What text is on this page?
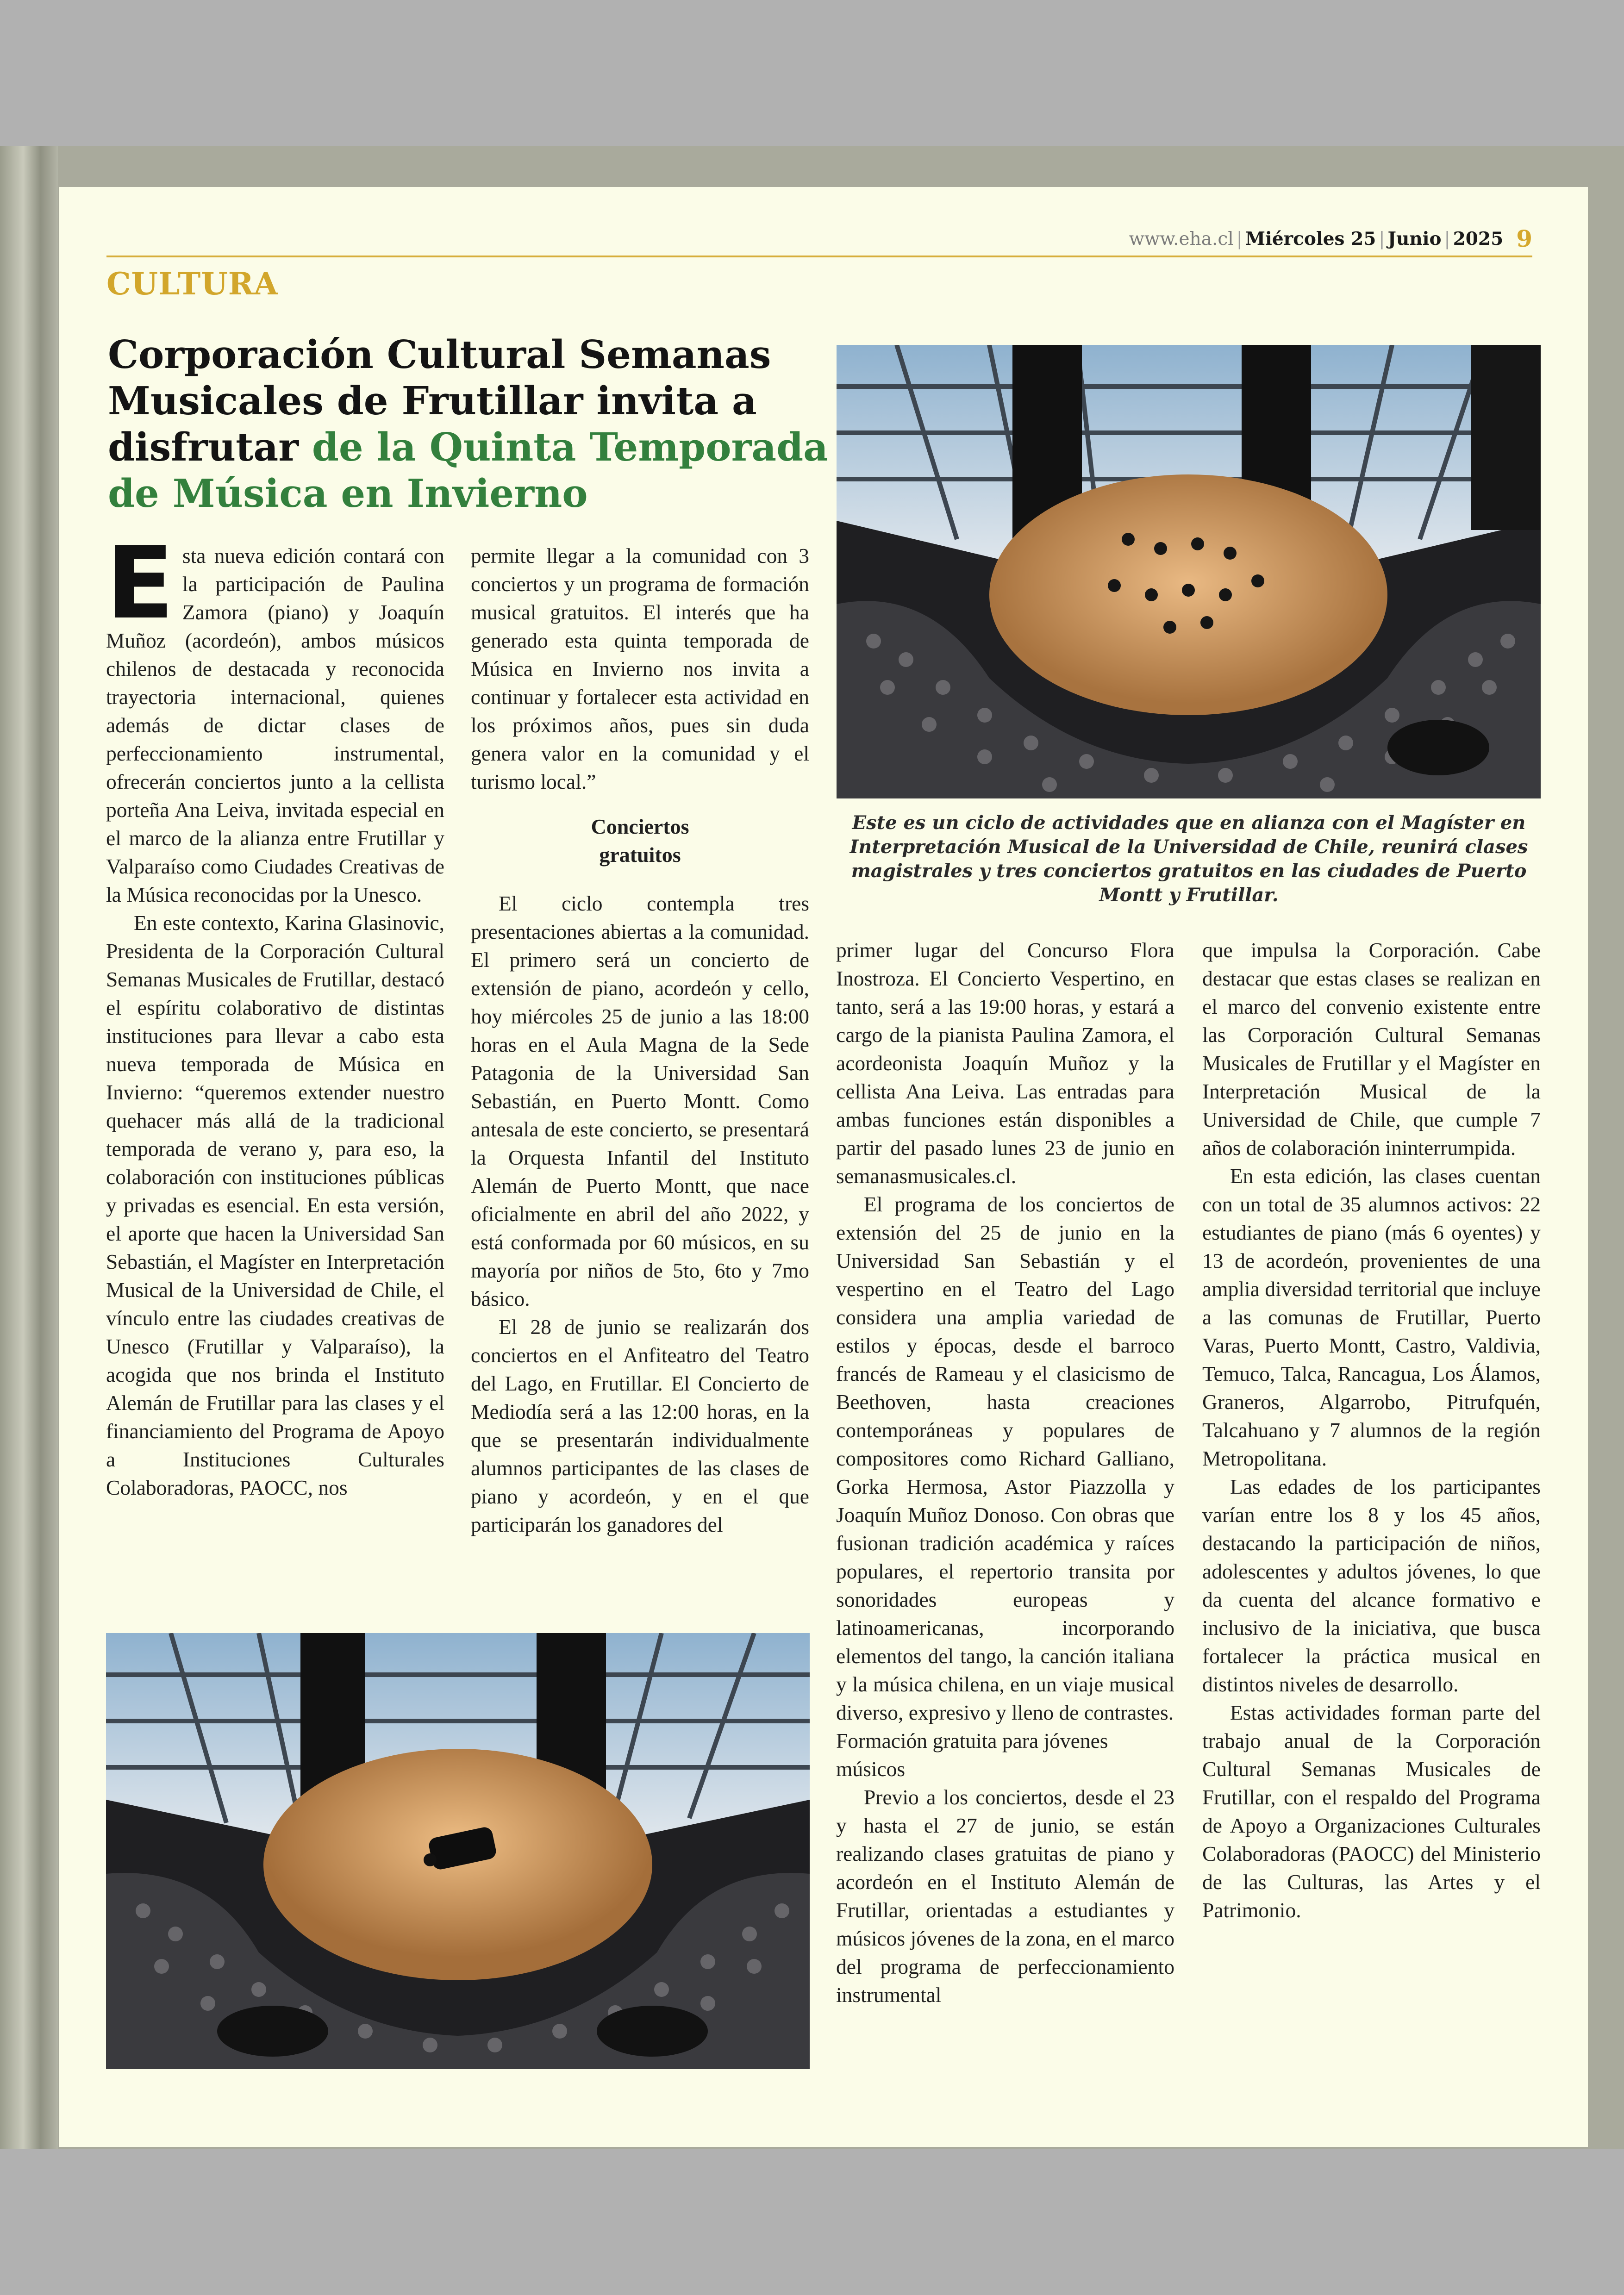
www.eha.cl | Miércoles 25 | Junio | 2025 9
CULTURA
Corporación Cultural Semanas Musicales de Frutillar invita a disfrutar de la Quinta Temporada de Música en Invierno
Este es un ciclo de actividades que en alianza con el Magíster en Interpretación Musical de la Universidad de Chile, reunirá clases magistrales y tres conciertos gratuitos en las ciudades de Puerto Montt y Frutillar.

Esta nueva edición contará con la participación de Paulina Zamora (piano) y Joaquín Muñoz (acordeón), ambos músicos chilenos de destacada y reconocida trayectoria internacional, quienes además de dictar clases de perfeccionamiento instrumental, ofrecerán conciertos junto a la cellista porteña Ana Leiva, invitada especial en el marco de la alianza entre Frutillar y Valparaíso como Ciudades Creativas de la Música reconocidas por la Unesco.

En este contexto, Karina Glasinovic, Presidenta de la Corporación Cultural Semanas Musicales de Frutillar, destacó el espíritu colaborativo de distintas instituciones para llevar a cabo esta nueva temporada de Música en Invierno: “queremos extender nuestro quehacer más allá de la tradicional temporada de verano y, para eso, la colaboración con instituciones públicas y privadas es esencial. En esta versión, el aporte que hacen la Universidad San Sebastián, el Magíster en Interpretación Musical de la Universidad de Chile, el vínculo entre las ciudades creativas de Unesco (Frutillar y Valparaíso), la acogida que nos brinda el Instituto Alemán de Frutillar para las clases y el financiamiento del Programa de Apoyo a Instituciones Culturales Colaboradoras, PAOCC, nos

permite llegar a la comunidad con 3 conciertos y un programa de formación musical gratuitos. El interés que ha generado esta quinta temporada de Música en Invierno nos invita a continuar y fortalecer esta actividad en los próximos años, pues sin duda genera valor en la comunidad y el turismo local.”

Conciertos
gratuitos

El ciclo contempla tres presentaciones abiertas a la comunidad. El primero será un concierto de extensión de piano, acordeón y cello, hoy miércoles 25 de junio a las 18:00 horas en el Aula Magna de la Sede Patagonia de la Universidad San Sebastián, en Puerto Montt. Como antesala de este concierto, se presentará la Orquesta Infantil del Instituto Alemán de Puerto Montt, que nace oficialmente en abril del año 2022, y está conformada por 60 músicos, en su mayoría por niños de 5to, 6to y 7mo básico.

El 28 de junio se realizarán dos conciertos en el Anfiteatro del Teatro del Lago, en Frutillar. El Concierto de Mediodía será a las 12:00 horas, en la que se presentarán individualmente alumnos participantes de las clases de piano y acordeón, y en el que participarán los ganadores del

primer lugar del Concurso Flora Inostroza. El Concierto Vespertino, en tanto, será a las 19:00 horas, y estará a cargo de la pianista Paulina Zamora, el acordeonista Joaquín Muñoz y la cellista Ana Leiva. Las entradas para ambas funciones están disponibles a partir del pasado lunes 23 de junio en semanasmusicales.cl.

El programa de los conciertos de extensión del 25 de junio en la Universidad San Sebastián y el vespertino en el Teatro del Lago considera una amplia variedad de estilos y épocas, desde el barroco francés de Rameau y el clasicismo de Beethoven, hasta creaciones contemporáneas y populares de compositores como Richard Galliano, Gorka Hermosa, Astor Piazzolla y Joaquín Muñoz Donoso. Con obras que fusionan tradición académica y raíces populares, el repertorio transita por sonoridades europeas y latinoamericanas, incorporando elementos del tango, la canción italiana y la música chilena, en un viaje musical diverso, expresivo y lleno de contrastes.

Formación gratuita para jóvenes músicos

Previo a los conciertos, desde el 23 y hasta el 27 de junio, se están realizando clases gratuitas de piano y acordeón en el Instituto Alemán de Frutillar, orientadas a estudiantes y músicos jóvenes de la zona, en el marco del programa de perfeccionamiento instrumental

que impulsa la Corporación. Cabe destacar que estas clases se realizan en el marco del convenio existente entre las Corporación Cultural Semanas Musicales de Frutillar y el Magíster en Interpretación Musical de la Universidad de Chile, que cumple 7 años de colaboración ininterrumpida.

En esta edición, las clases cuentan con un total de 35 alumnos activos: 22 estudiantes de piano (más 6 oyentes) y 13 de acordeón, provenientes de una amplia diversidad territorial que incluye a las comunas de Frutillar, Puerto Varas, Puerto Montt, Castro, Valdivia, Temuco, Talca, Rancagua, Los Álamos, Graneros, Algarrobo, Pitrufquén, Talcahuano y 7 alumnos de la región Metropolitana.

Las edades de los participantes varían entre los 8 y los 45 años, destacando la participación de niños, adolescentes y adultos jóvenes, lo que da cuenta del alcance formativo e inclusivo de la iniciativa, que busca fortalecer la práctica musical en distintos niveles de desarrollo.

Estas actividades forman parte del trabajo anual de la Corporación Cultural Semanas Musicales de Frutillar, con el respaldo del Programa de Apoyo a Organizaciones Culturales Colaboradoras (PAOCC) del Ministerio de las Culturas, las Artes y el Patrimonio.
